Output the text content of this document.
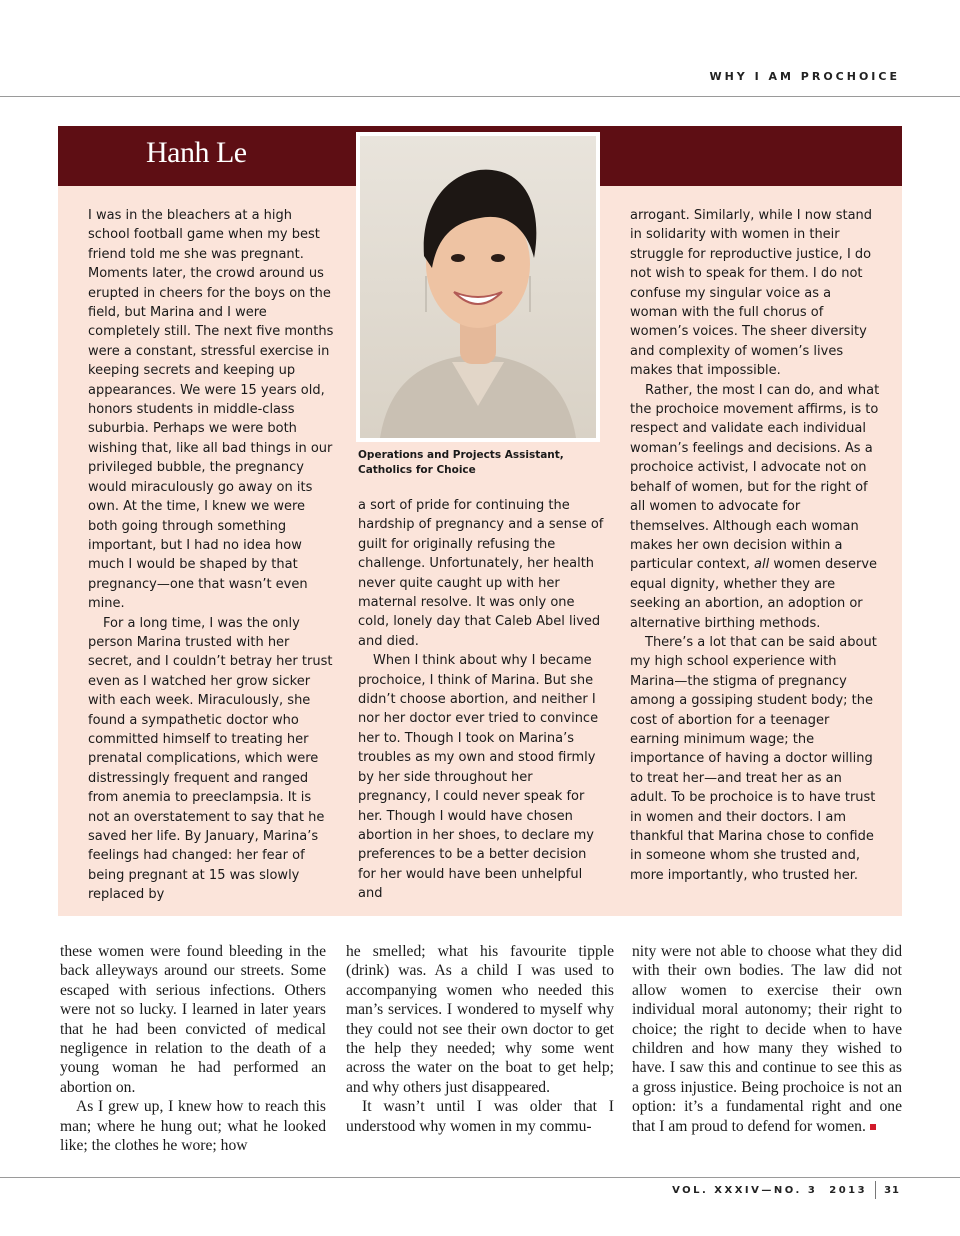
WHY I AM PROCHOICE
Hanh Le
Operations and Projects Assistant, Catholics for Choice

I was in the bleachers at a high school football game when my best friend told me she was pregnant. Moments later, the crowd around us erupted in cheers for the boys on the field, but Marina and I were completely still. The next five months were a constant, stressful exercise in keeping secrets and keeping up appearances. We were 15 years old, honors students in middle-class suburbia. Perhaps we were both wishing that, like all bad things in our privileged bubble, the pregnancy would miraculously go away on its own. At the time, I knew we were both going through something important, but I had no idea how much I would be shaped by that pregnancy—one that wasn’t even mine.

For a long time, I was the only person Marina trusted with her secret, and I couldn’t betray her trust even as I watched her grow sicker with each week. Miraculously, she found a sympathetic doctor who committed himself to treating her prenatal complications, which were distressingly frequent and ranged from anemia to preeclampsia. It is not an overstatement to say that he saved her life. By January, Marina’s feelings had changed: her fear of being pregnant at 15 was slowly replaced by

a sort of pride for continuing the hardship of pregnancy and a sense of guilt for originally refusing the challenge. Unfortunately, her health never quite caught up with her maternal resolve. It was only one cold, lonely day that Caleb Abel lived and died.

When I think about why I became prochoice, I think of Marina. But she didn’t choose abortion, and neither I nor her doctor ever tried to convince her to. Though I took on Marina’s troubles as my own and stood firmly by her side throughout her pregnancy, I could never speak for her. Though I would have chosen abortion in her shoes, to declare my preferences to be a better decision for her would have been unhelpful and

arrogant. Similarly, while I now stand in solidarity with women in their struggle for reproductive justice, I do not wish to speak for them. I do not confuse my singular voice as a woman with the full chorus of women’s voices. The sheer diversity and complexity of women’s lives makes that impossible.

Rather, the most I can do, and what the prochoice movement affirms, is to respect and validate each individual woman’s feelings and decisions. As a prochoice activist, I advocate not on behalf of women, but for the right of all women to advocate for themselves. Although each woman makes her own decision within a particular context, all women deserve equal dignity, whether they are seeking an abortion, an adoption or alternative birthing methods.

There’s a lot that can be said about my high school experience with Marina—the stigma of pregnancy among a gossiping student body; the cost of abortion for a teenager earning minimum wage; the importance of having a doctor willing to treat her—and treat her as an adult. To be prochoice is to have trust in women and their doctors. I am thankful that Marina chose to confide in someone whom she trusted and, more importantly, who trusted her.

these women were found bleeding in the back alleyways around our streets. Some escaped with serious infections. Others were not so lucky. I learned in later years that he had been convicted of medical negligence in relation to the death of a young woman he had performed an abortion on.

As I grew up, I knew how to reach this man; where he hung out; what he looked like; the clothes he wore; how

he smelled; what his favourite tipple (drink) was. As a child I was used to accompanying women who needed this man’s services. I wondered to myself why they could not see their own doctor to get the help they needed; why some went across the water on the boat to get help; and why others just disappeared.

It wasn’t until I was older that I understood why women in my commu-

nity were not able to choose what they did with their own bodies. The law did not allow women to exercise their own individual moral autonomy; their right to choice; the right to decide when to have children and how many they wished to have. I saw this and continue to see this as a gross injustice. Being prochoice is not an option: it’s a fundamental right and one that I am proud to defend for women.

VOL. XXXIV—NO. 3  2013 31
